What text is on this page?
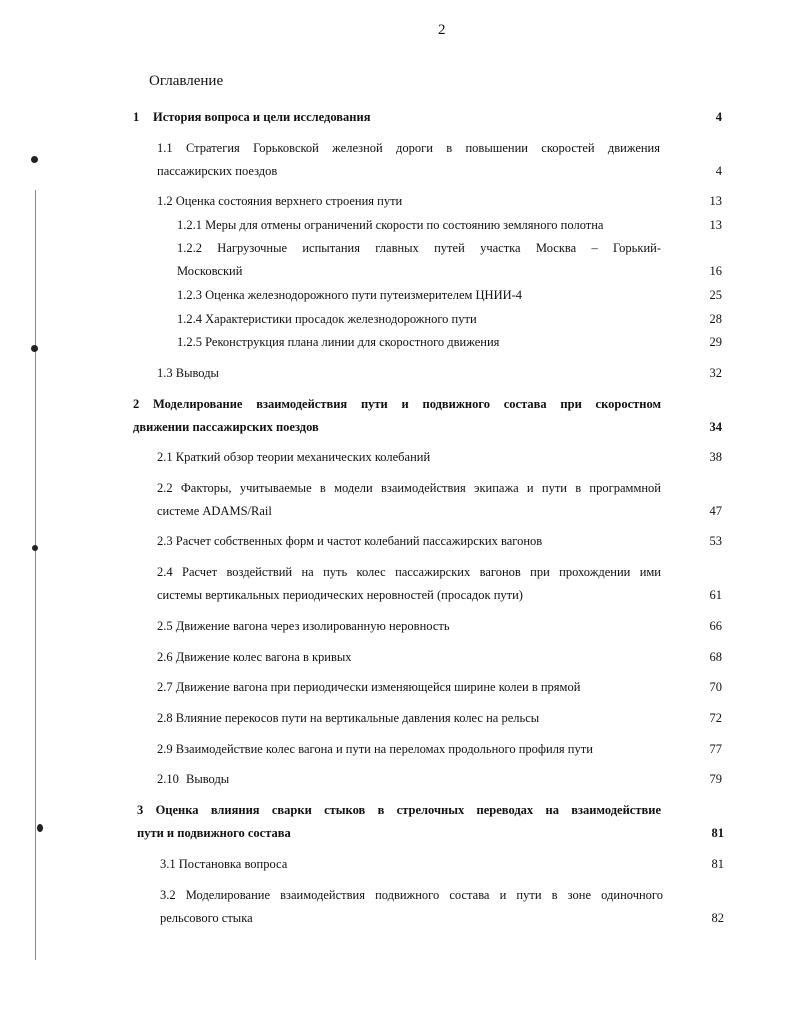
2
Оглавление
1 История вопроса и цели исследования	4
1.1 Стратегия Горьковской железной дороги в повышении скоростей движения
пассажирских поездов	4
1.2 Оценка состояния верхнего строения пути	13
1.2.1 Меры для отмены ограничений скорости по состоянию земляного полотна	13
1.2.2 Нагрузочные испытания главных путей участка Москва – Горький-
Московский	16
1.2.3 Оценка железнодорожного пути путеизмерителем ЦНИИ-4	25
1.2.4 Характеристики просадок железнодорожного пути	28
1.2.5 Реконструкция плана линии для скоростного движения	29
1.3 Выводы	32
2 Моделирование взаимодействия пути и подвижного состава при скоростном
движении пассажирских поездов	34
2.1 Краткий обзор теории механических колебаний	38
2.2 Факторы, учитываемые в модели взаимодействия экипажа и пути в программной
системе ADAMS/Rail	47
2.3 Расчет собственных форм и частот колебаний пассажирских вагонов	53
2.4 Расчет воздействий на путь колес пассажирских вагонов при прохождении ими
системы вертикальных периодических неровностей (просадок пути)	61
2.5 Движение вагона через изолированную неровность	66
2.6 Движение колес вагона в кривых	68
2.7 Движение вагона при периодически изменяющейся ширине колеи в прямой	70
2.8 Влияние перекосов пути на вертикальные давления колес на рельсы	72
2.9 Взаимодействие колес вагона и пути на переломах продольного профиля пути	77
2.10 Выводы	79
3 Оценка влияния сварки стыков в стрелочных переводах на взаимодействие
пути и подвижного состава	81
3.1 Постановка вопроса	81
3.2 Моделирование взаимодействия подвижного состава и пути в зоне одиночного
рельсового стыка	82
